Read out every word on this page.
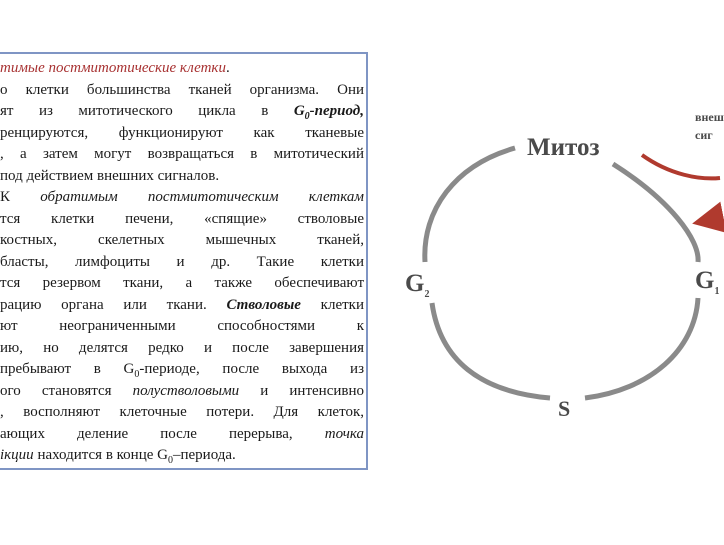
тимые постмитотические клетки.
о клетки большинства тканей организма. Они
ят из митотического цикла в $G_0$-период,
ренцируются, функционируют как тканевые
, а затем могут возвращаться в митотический
под действием внешних сигналов.
К обратимым постмитотическим клеткам
тся клетки печени, «спящие» стволовые
костных, скелетных мышечных тканей,
бласты, лимфоциты и др. Такие клетки
тся резервом ткани, а также обеспечивают
рацию органа или ткани. Стволовые клетки
ют неограниченными способностями к
ию, но делятся редко и после завершения
пребывают в $G_0$-периоде, после выхода из
ого становятся полустволовыми и интенсивно
, восполняют клеточные потери. Для клеток,
ающих деление после перерыва, точка
ікции находится в конце $G_0$–периода.
Митоз
$G_2$
$G_1$
S
внеш
сиг
